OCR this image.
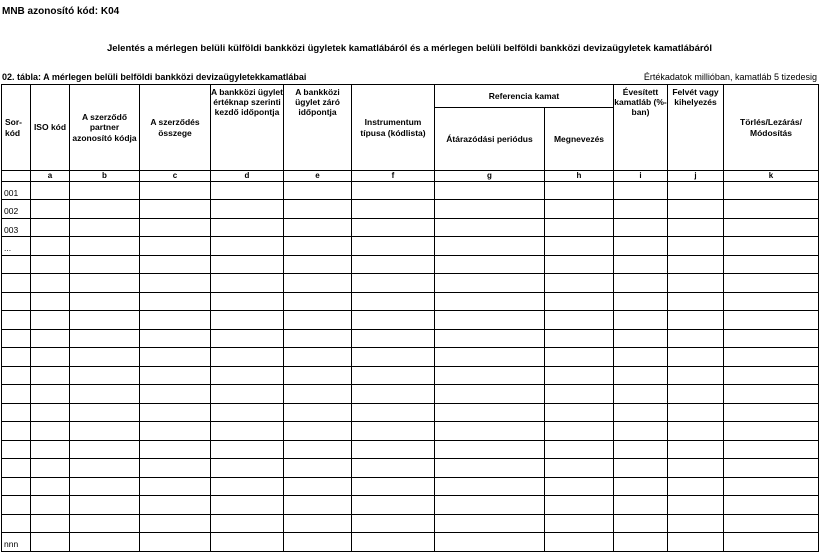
MNB azonosító kód: K04
Jelentés a mérlegen belüli külföldi bankközi ügyletek kamatlábáról és a mérlegen belüli belföldi bankközi devizaügyletek kamatlábáról
02. tábla: A mérlegen belüli belföldi bankközi devizaügyletekkamatlábai	Értékadatok millióban, kamatláb 5 tizedesig
Sor-kód	ISO kód	A szerződő partner azonosító kódja	A szerződés összege	A bankközi ügylet értéknap szerinti kezdő időpontja	A bankközi ügylet záró időpontja	Instrumentum típusa (kódlista)	Referencia kamat		Évesített kamatláb (%-ban)	Felvét vagy kihelyezés	Törlés/Lezárás/ Módosítás
							Átárazódási periódus	Megnevezés			
	a	b	c	d	e	f	g	h	i	j	k
001											
002											
003											
...											

nnn											
